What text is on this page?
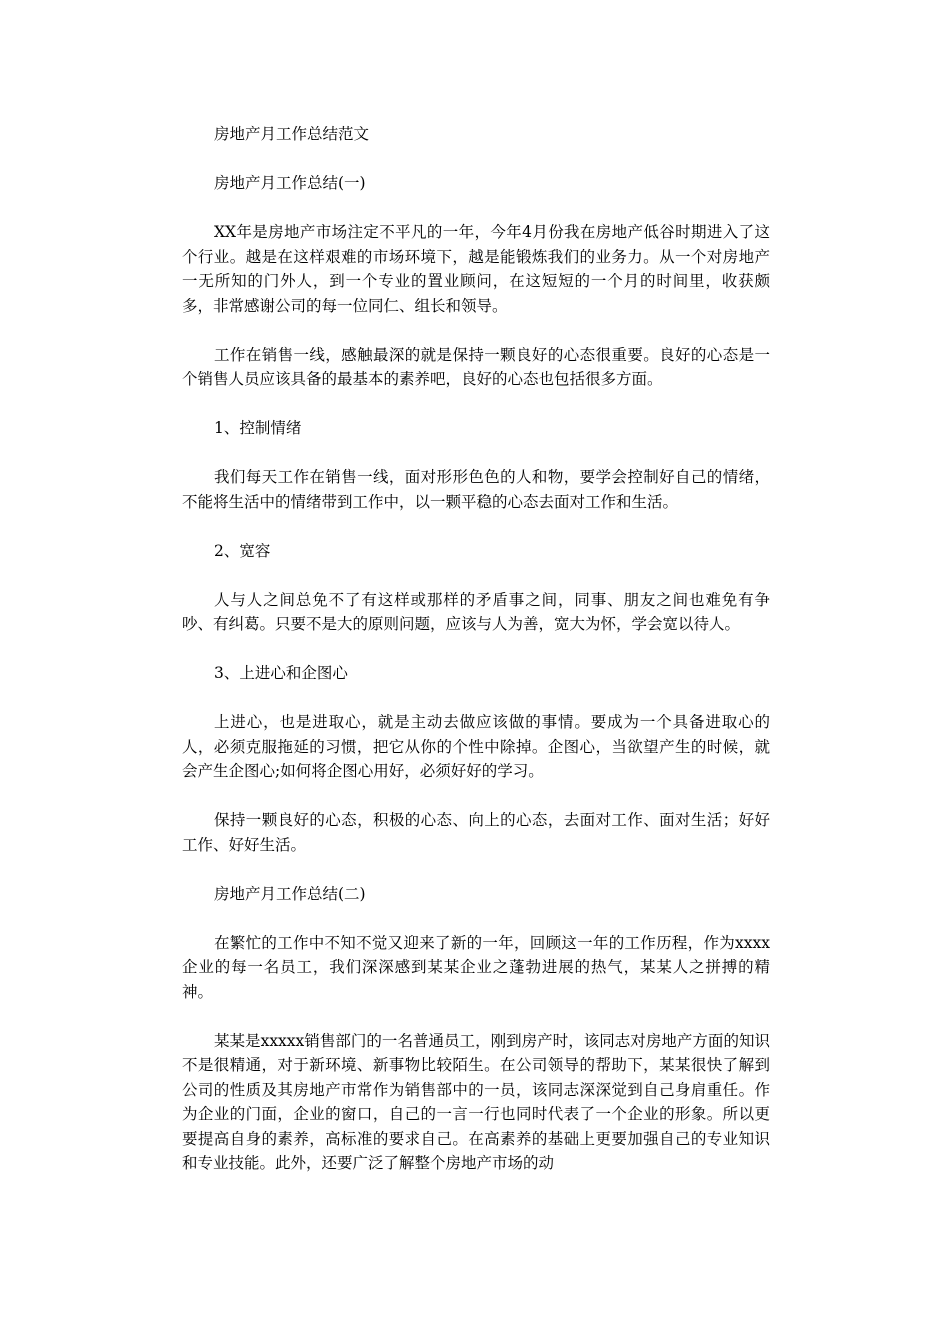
房地产月工作总结范文

房地产月工作总结(一)

XX年是房地产市场注定不平凡的一年，今年4月份我在房地产低谷时期进入了这个行业。越是在这样艰难的市场环境下，越是能锻炼我们的业务力。从一个对房地产一无所知的门外人，到一个专业的置业顾问，在这短短的一个月的时间里，收获颇多，非常感谢公司的每一位同仁、组长和领导。

工作在销售一线，感触最深的就是保持一颗良好的心态很重要。良好的心态是一个销售人员应该具备的最基本的素养吧，良好的心态也包括很多方面。

1、控制情绪

我们每天工作在销售一线，面对形形色色的人和物，要学会控制好自己的情绪，不能将生活中的情绪带到工作中，以一颗平稳的心态去面对工作和生活。

2、宽容

人与人之间总免不了有这样或那样的矛盾事之间，同事、朋友之间也难免有争吵、有纠葛。只要不是大的原则问题，应该与人为善，宽大为怀，学会宽以待人。

3、上进心和企图心

上进心，也是进取心，就是主动去做应该做的事情。要成为一个具备进取心的人，必须克服拖延的习惯，把它从你的个性中除掉。企图心，当欲望产生的时候，就会产生企图心;如何将企图心用好，必须好好的学习。

保持一颗良好的心态，积极的心态、向上的心态，去面对工作、面对生活；好好工作、好好生活。

房地产月工作总结(二)

在繁忙的工作中不知不觉又迎来了新的一年，回顾这一年的工作历程，作为xxxx企业的每一名员工，我们深深感到某某企业之蓬勃进展的热气，某某人之拼搏的精神。

某某是xxxxx销售部门的一名普通员工，刚到房产时，该同志对房地产方面的知识不是很精通，对于新环境、新事物比较陌生。在公司领导的帮助下，某某很快了解到公司的性质及其房地产市常作为销售部中的一员，该同志深深觉到自己身肩重任。作为企业的门面，企业的窗口，自己的一言一行也同时代表了一个企业的形象。所以更要提高自身的素养，高标准的要求自己。在高素养的基础上更要加强自己的专业知识和专业技能。此外，还要广泛了解整个房地产市场的动
